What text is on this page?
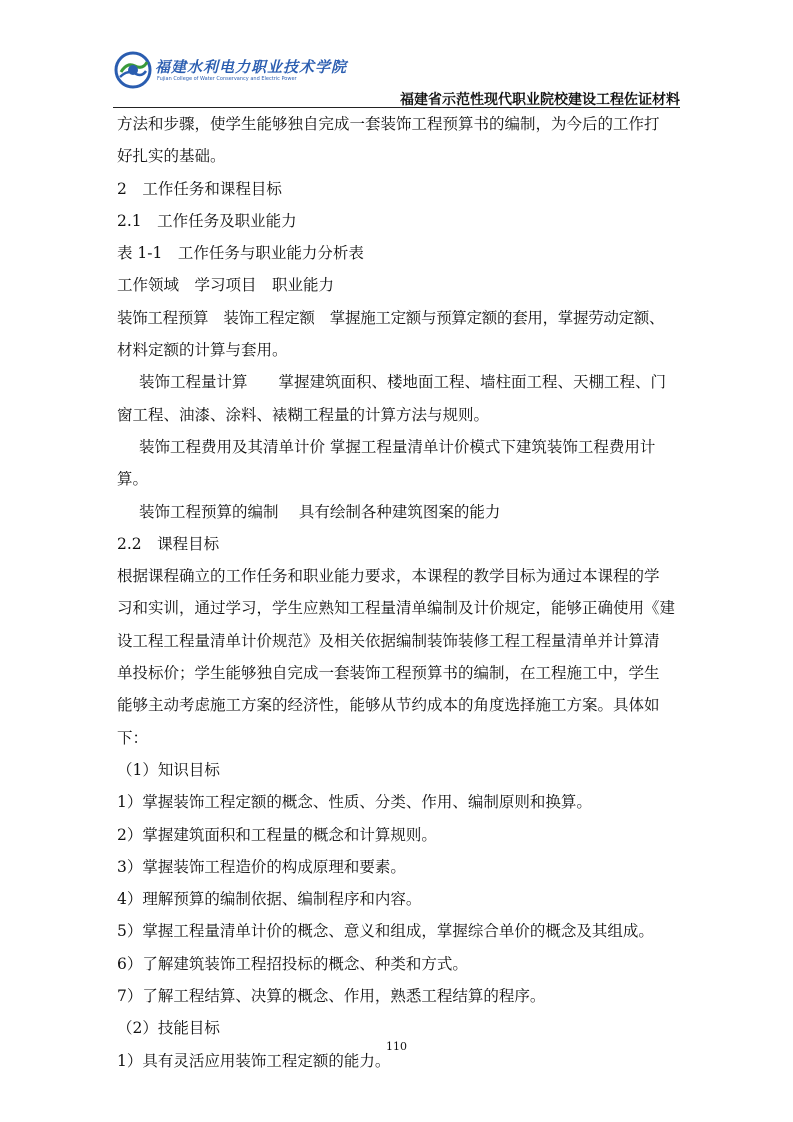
福建水利电力职业技术学院
Fujian College of Water Conservancy and Electric Power
福建省示范性现代职业院校建设工程佐证材料

方法和步骤，使学生能够独自完成一套装饰工程预算书的编制，为今后的工作打

好扎实的基础。

2　工作任务和课程目标

2.1　工作任务及职业能力

表 1-1　工作任务与职业能力分析表

工作领域　学习项目　职业能力

装饰工程预算　装饰工程定额　掌握施工定额与预算定额的套用，掌握劳动定额、

材料定额的计算与套用。

装饰工程量计算　　掌握建筑面积、楼地面工程、墙柱面工程、天棚工程、门

窗工程、油漆、涂料、裱糊工程量的计算方法与规则。

装饰工程费用及其清单计价 掌握工程量清单计价模式下建筑装饰工程费用计

算。

装饰工程预算的编制　 具有绘制各种建筑图案的能力

2.2　课程目标

根据课程确立的工作任务和职业能力要求，本课程的教学目标为通过本课程的学

习和实训，通过学习，学生应熟知工程量清单编制及计价规定，能够正确使用《建

设工程工程量清单计价规范》及相关依据编制装饰装修工程工程量清单并计算清

单投标价；学生能够独自完成一套装饰工程预算书的编制，在工程施工中，学生

能够主动考虑施工方案的经济性，能够从节约成本的角度选择施工方案。具体如

下：

（1）知识目标

1）掌握装饰工程定额的概念、性质、分类、作用、编制原则和换算。

2）掌握建筑面积和工程量的概念和计算规则。

3）掌握装饰工程造价的构成原理和要素。

4）理解预算的编制依据、编制程序和内容。

5）掌握工程量清单计价的概念、意义和组成，掌握综合单价的概念及其组成。

6）了解建筑装饰工程招投标的概念、种类和方式。

7）了解工程结算、决算的概念、作用，熟悉工程结算的程序。

（2）技能目标

1）具有灵活应用装饰工程定额的能力。

110
